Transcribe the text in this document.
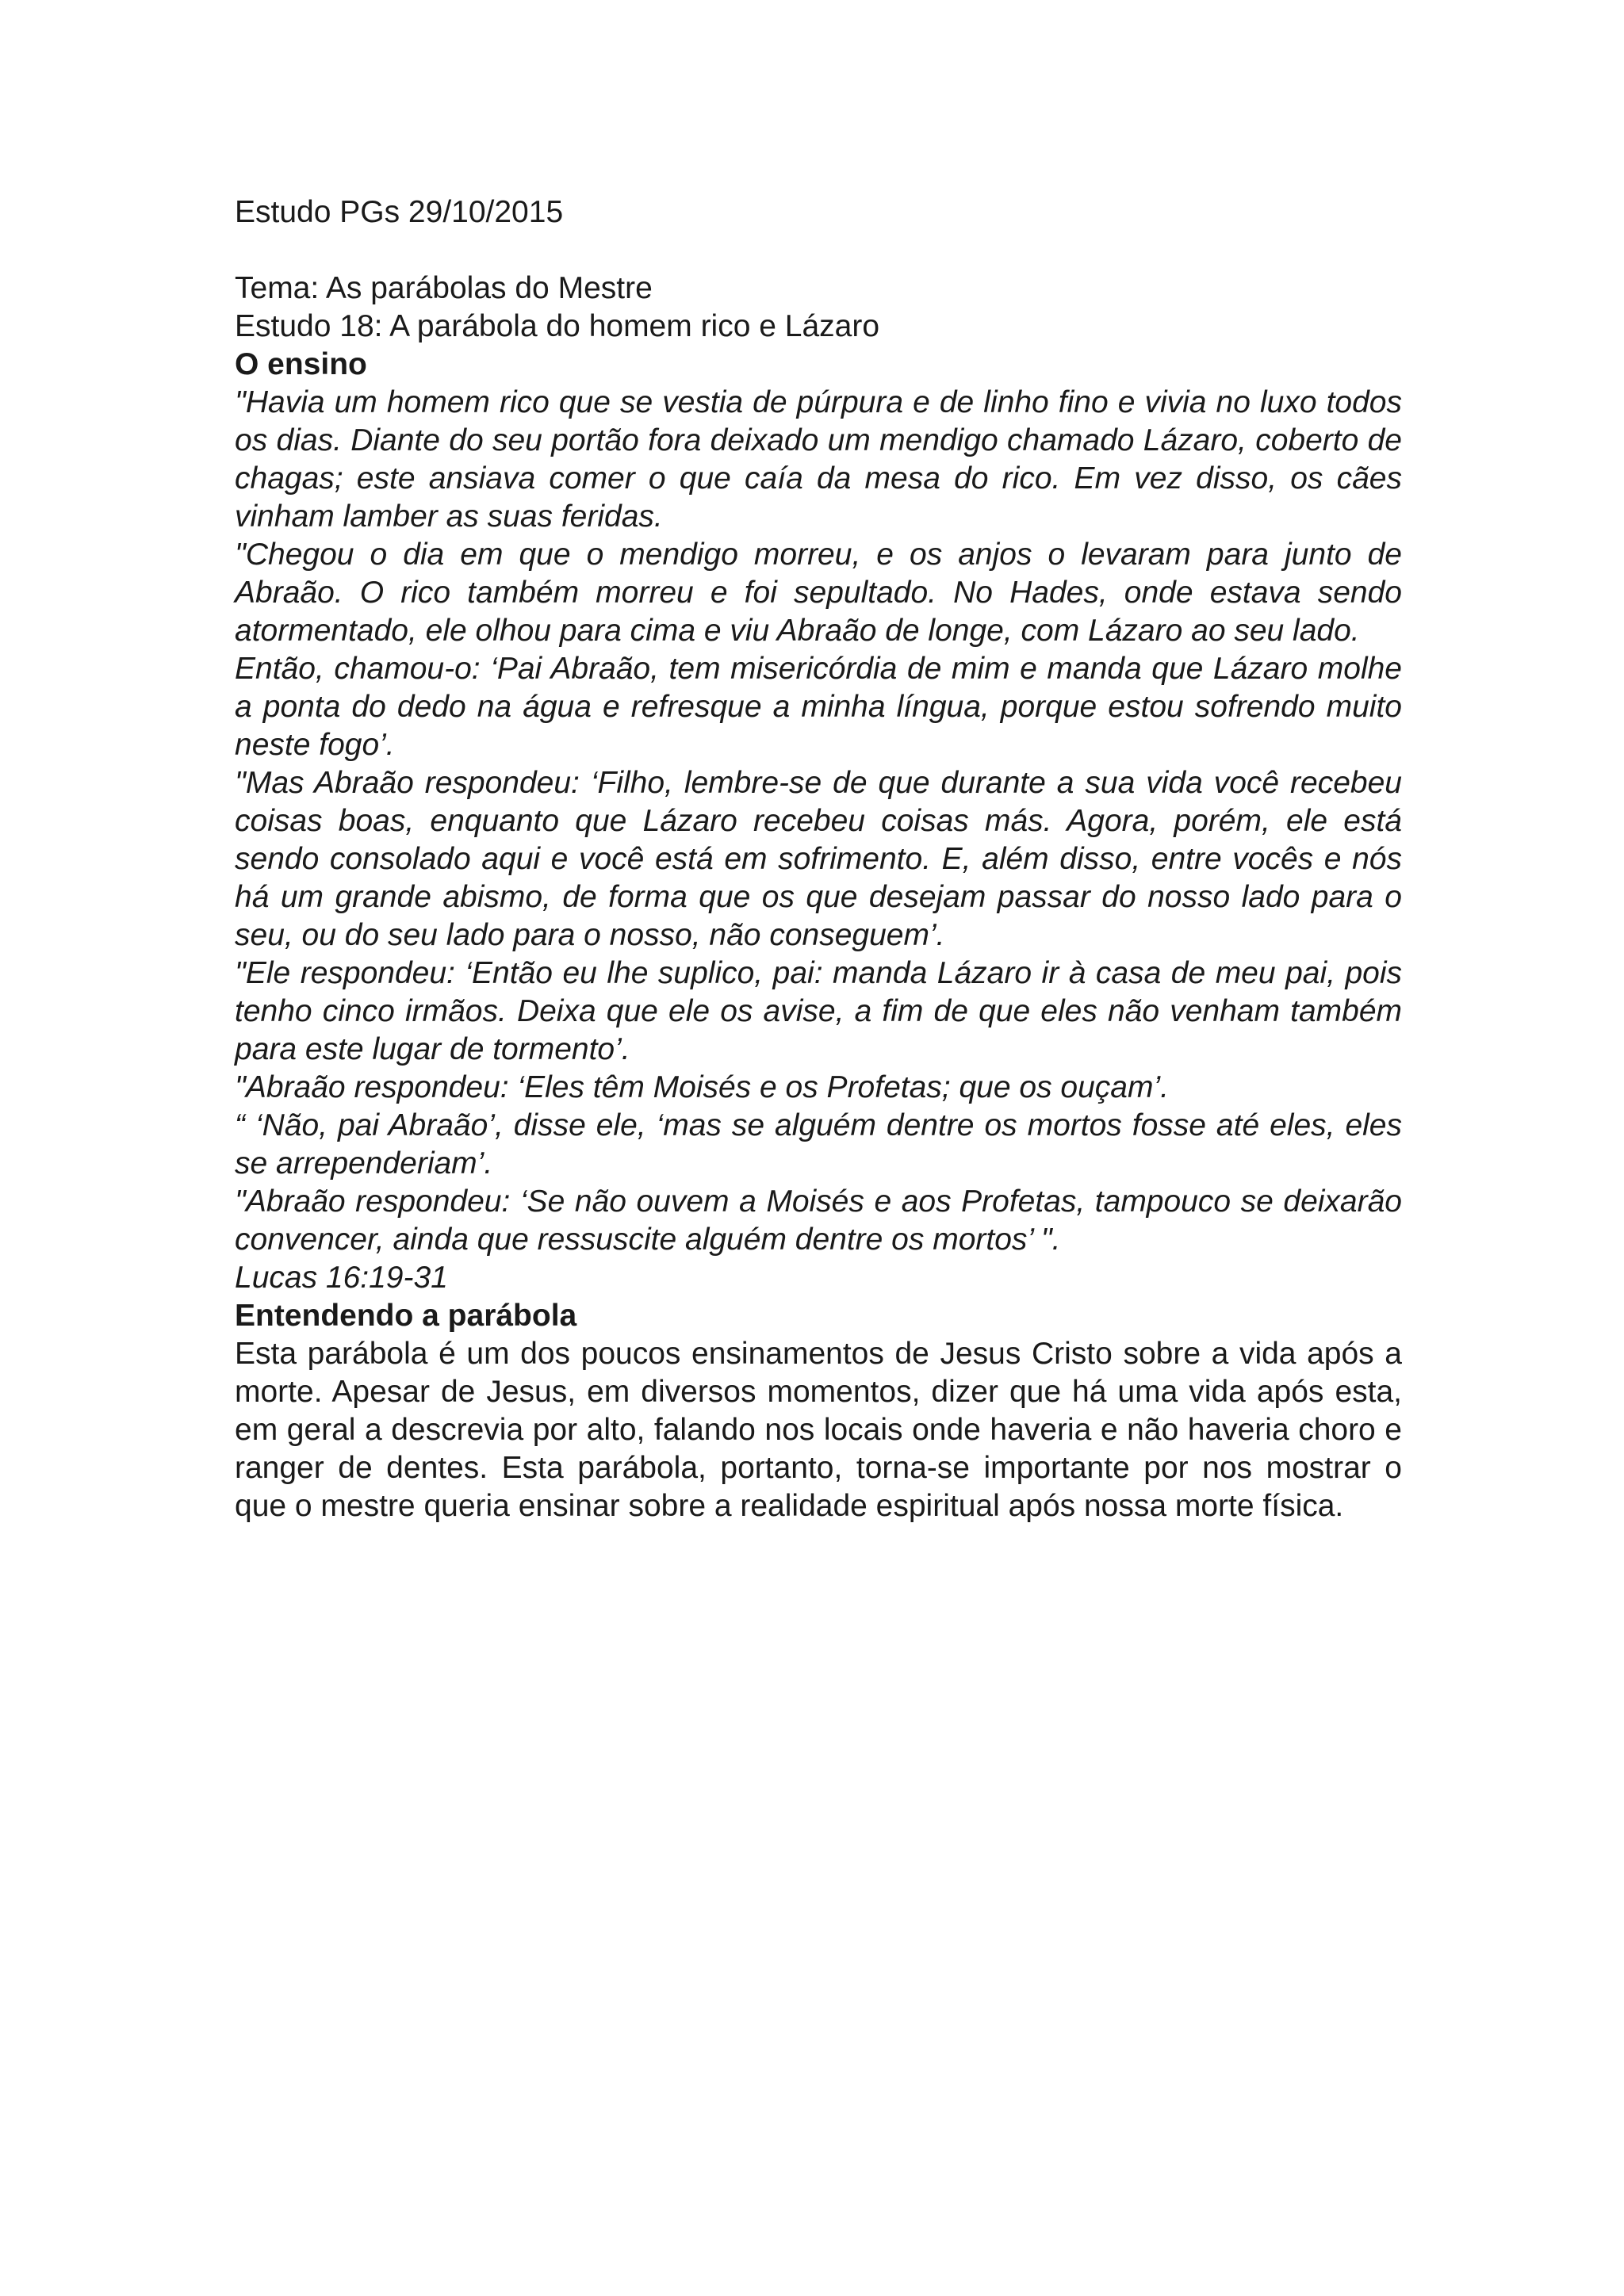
Estudo PGs 29/10/2015

Tema: As parábolas do Mestre

Estudo 18: A parábola do homem rico e Lázaro

O ensino

"Havia um homem rico que se vestia de púrpura e de linho fino e vivia no luxo todos os dias. Diante do seu portão fora deixado um mendigo chamado Lázaro, coberto de chagas; este ansiava comer o que caía da mesa do rico. Em vez disso, os cães vinham lamber as suas feridas.

"Chegou o dia em que o mendigo morreu, e os anjos o levaram para junto de Abraão. O rico também morreu e foi sepultado. No Hades, onde estava sendo atormentado, ele olhou para cima e viu Abraão de longe, com Lázaro ao seu lado.

Então, chamou-o: ‘Pai Abraão, tem misericórdia de mim e manda que Lázaro molhe a ponta do dedo na água e refresque a minha língua, porque estou sofrendo muito neste fogo’.

"Mas Abraão respondeu: ‘Filho, lembre-se de que durante a sua vida você recebeu coisas boas, enquanto que Lázaro recebeu coisas más. Agora, porém, ele está sendo consolado aqui e você está em sofrimento. E, além disso, entre vocês e nós há um grande abismo, de forma que os que desejam passar do nosso lado para o seu, ou do seu lado para o nosso, não conseguem’.

"Ele respondeu: ‘Então eu lhe suplico, pai: manda Lázaro ir à casa de meu pai, pois tenho cinco irmãos. Deixa que ele os avise, a fim de que eles não venham também para este lugar de tormento’.

"Abraão respondeu: ‘Eles têm Moisés e os Profetas; que os ouçam’.

“ ‘Não, pai Abraão’, disse ele, ‘mas se alguém dentre os mortos fosse até eles, eles se arrependeriam’.

"Abraão respondeu: ‘Se não ouvem a Moisés e aos Profetas, tampouco se deixarão convencer, ainda que ressuscite alguém dentre os mortos’ ".

Lucas 16:19-31

Entendendo a parábola

Esta parábola é um dos poucos ensinamentos de Jesus Cristo sobre a vida após a morte. Apesar de Jesus, em diversos momentos, dizer que há uma vida após esta, em geral a descrevia por alto, falando nos locais onde haveria e não haveria choro e ranger de dentes. Esta parábola, portanto, torna-se importante por nos mostrar o que o mestre queria ensinar sobre a realidade espiritual após nossa morte física.
